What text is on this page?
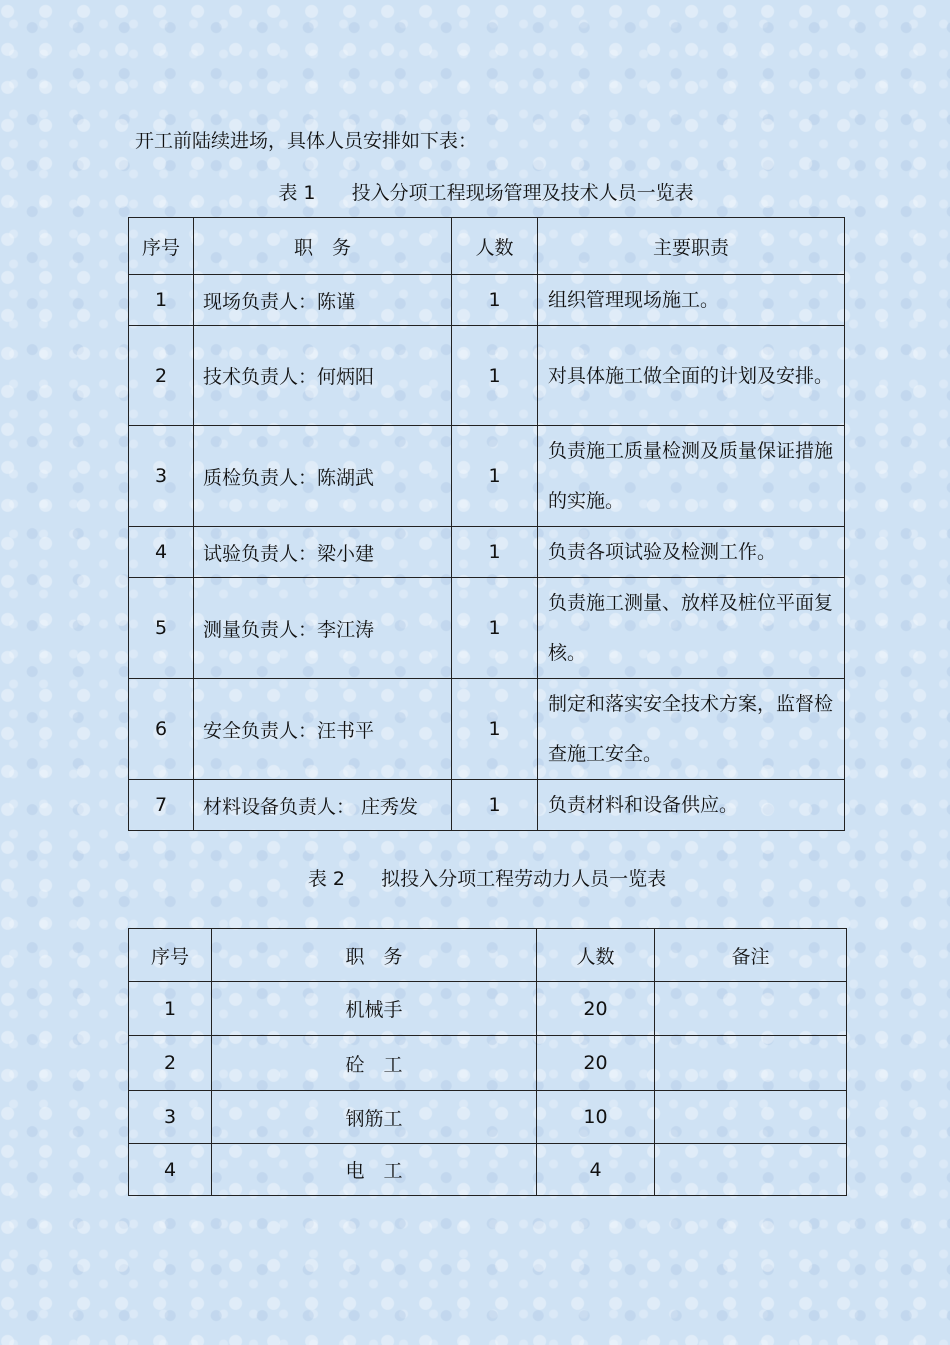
开工前陆续进场，具体人员安排如下表：
表 1      投入分项工程现场管理及技术人员一览表
序号	职　务	人数	主要职责
1	现场负责人：陈谨	1	组织管理现场施工。
2	技术负责人：何炳阳	1	对具体施工做全面的计划及安排。
3	质检负责人：陈湖武	1	负责施工质量检测及质量保证措施的实施。
4	试验负责人：梁小建	1	负责各项试验及检测工作。
5	测量负责人：李江涛	1	负责施工测量、放样及桩位平面复核。
6	安全负责人：汪书平	1	制定和落实安全技术方案，监督检查施工安全。
7	材料设备负责人： 庄秀发	1	负责材料和设备供应。
表 2      拟投入分项工程劳动力人员一览表
序号	职　务	人数	备注
1	机械手	20	
2	砼　工	20	
3	钢筋工	10	
4	电　工	4	
